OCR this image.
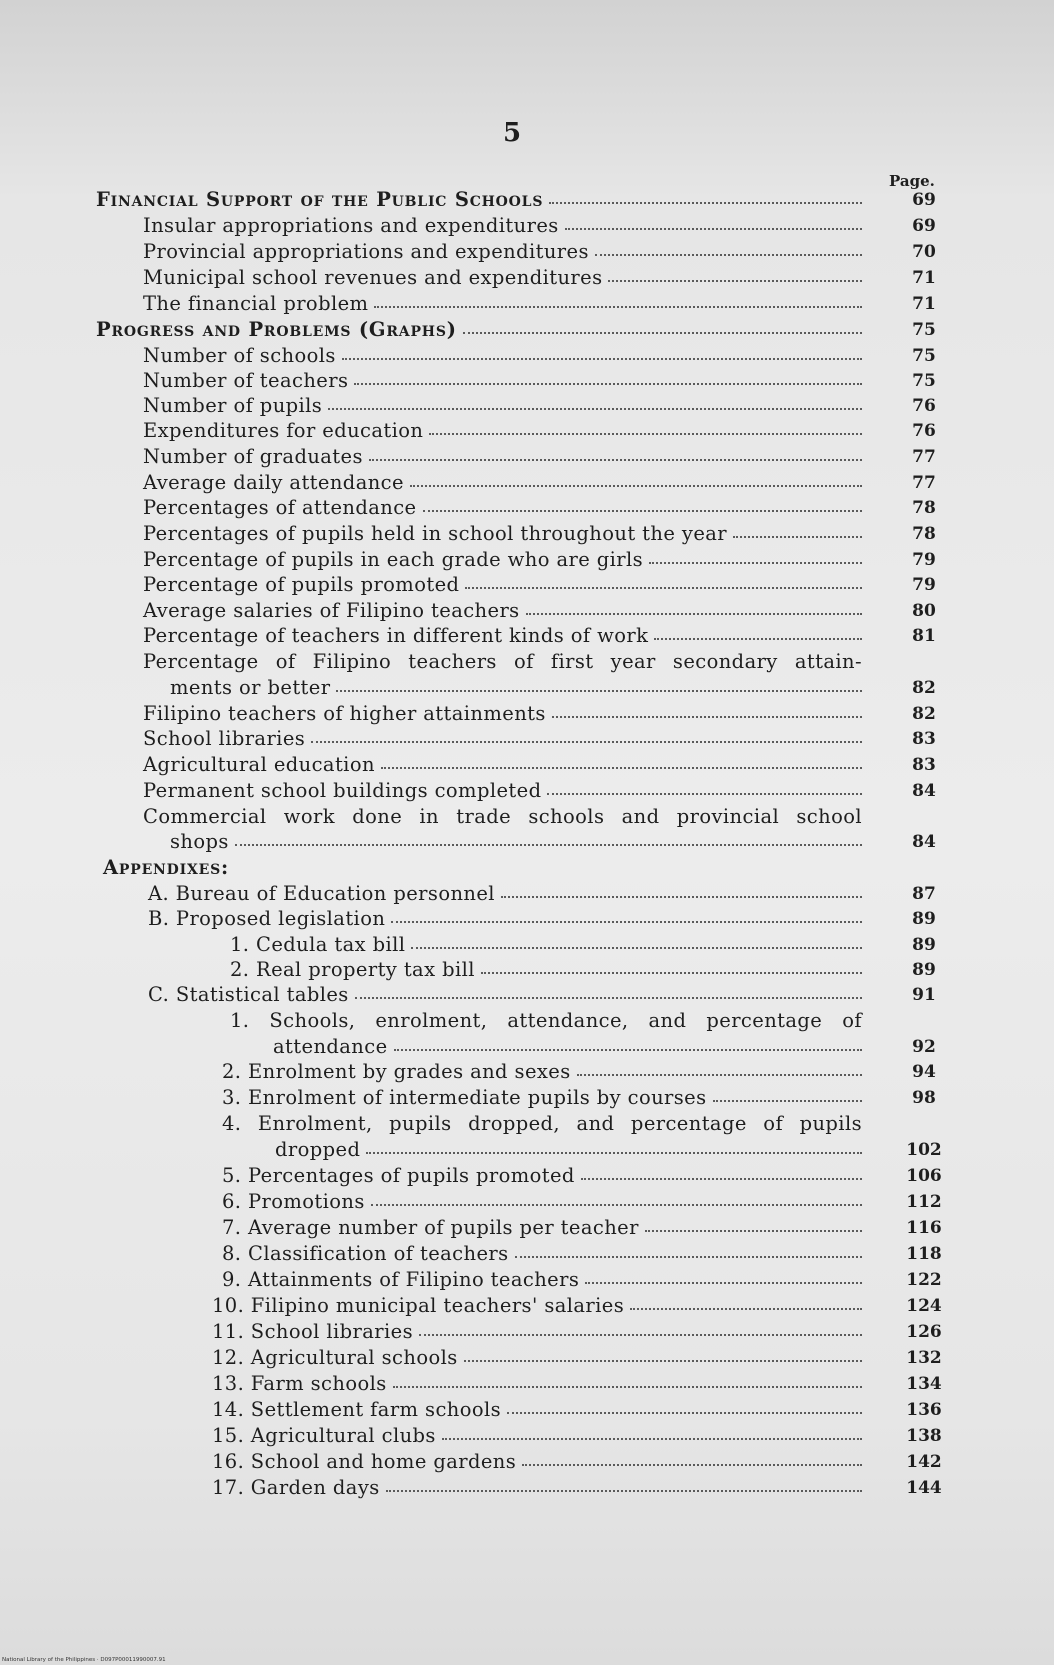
5
Page.
Financial Support of the Public Schools	69
Insular appropriations and expenditures	69
Provincial appropriations and expenditures	70
Municipal school revenues and expenditures	71
The financial problem	71
Progress and Problems (Graphs)	75
Number of schools	75
Number of teachers	75
Number of pupils	76
Expenditures for education	76
Number of graduates	77
Average daily attendance	77
Percentages of attendance	78
Percentages of pupils held in school throughout the year	78
Percentage of pupils in each grade who are girls	79
Percentage of pupils promoted	79
Average salaries of Filipino teachers	80
Percentage of teachers in different kinds of work	81
Percentage of Filipino teachers of first year secondary attain-
ments or better	82
Filipino teachers of higher attainments	82
School libraries	83
Agricultural education	83
Permanent school buildings completed	84
Commercial work done in trade schools and provincial school
shops	84
Appendixes:
A. Bureau of Education personnel	87
B. Proposed legislation	89
1. Cedula tax bill	89
2. Real property tax bill	89
C. Statistical tables	91
1. Schools, enrolment, attendance, and percentage of
attendance	92
2. Enrolment by grades and sexes	94
3. Enrolment of intermediate pupils by courses	98
4. Enrolment, pupils dropped, and percentage of pupils
dropped	102
5. Percentages of pupils promoted	106
6. Promotions	112
7. Average number of pupils per teacher	116
8. Classification of teachers	118
9. Attainments of Filipino teachers	122
10. Filipino municipal teachers' salaries	124
11. School libraries	126
12. Agricultural schools	132
13. Farm schools	134
14. Settlement farm schools	136
15. Agricultural clubs	138
16. School and home gardens	142
17. Garden days	144
National Library of the Philippines · D097P00011990007.91
